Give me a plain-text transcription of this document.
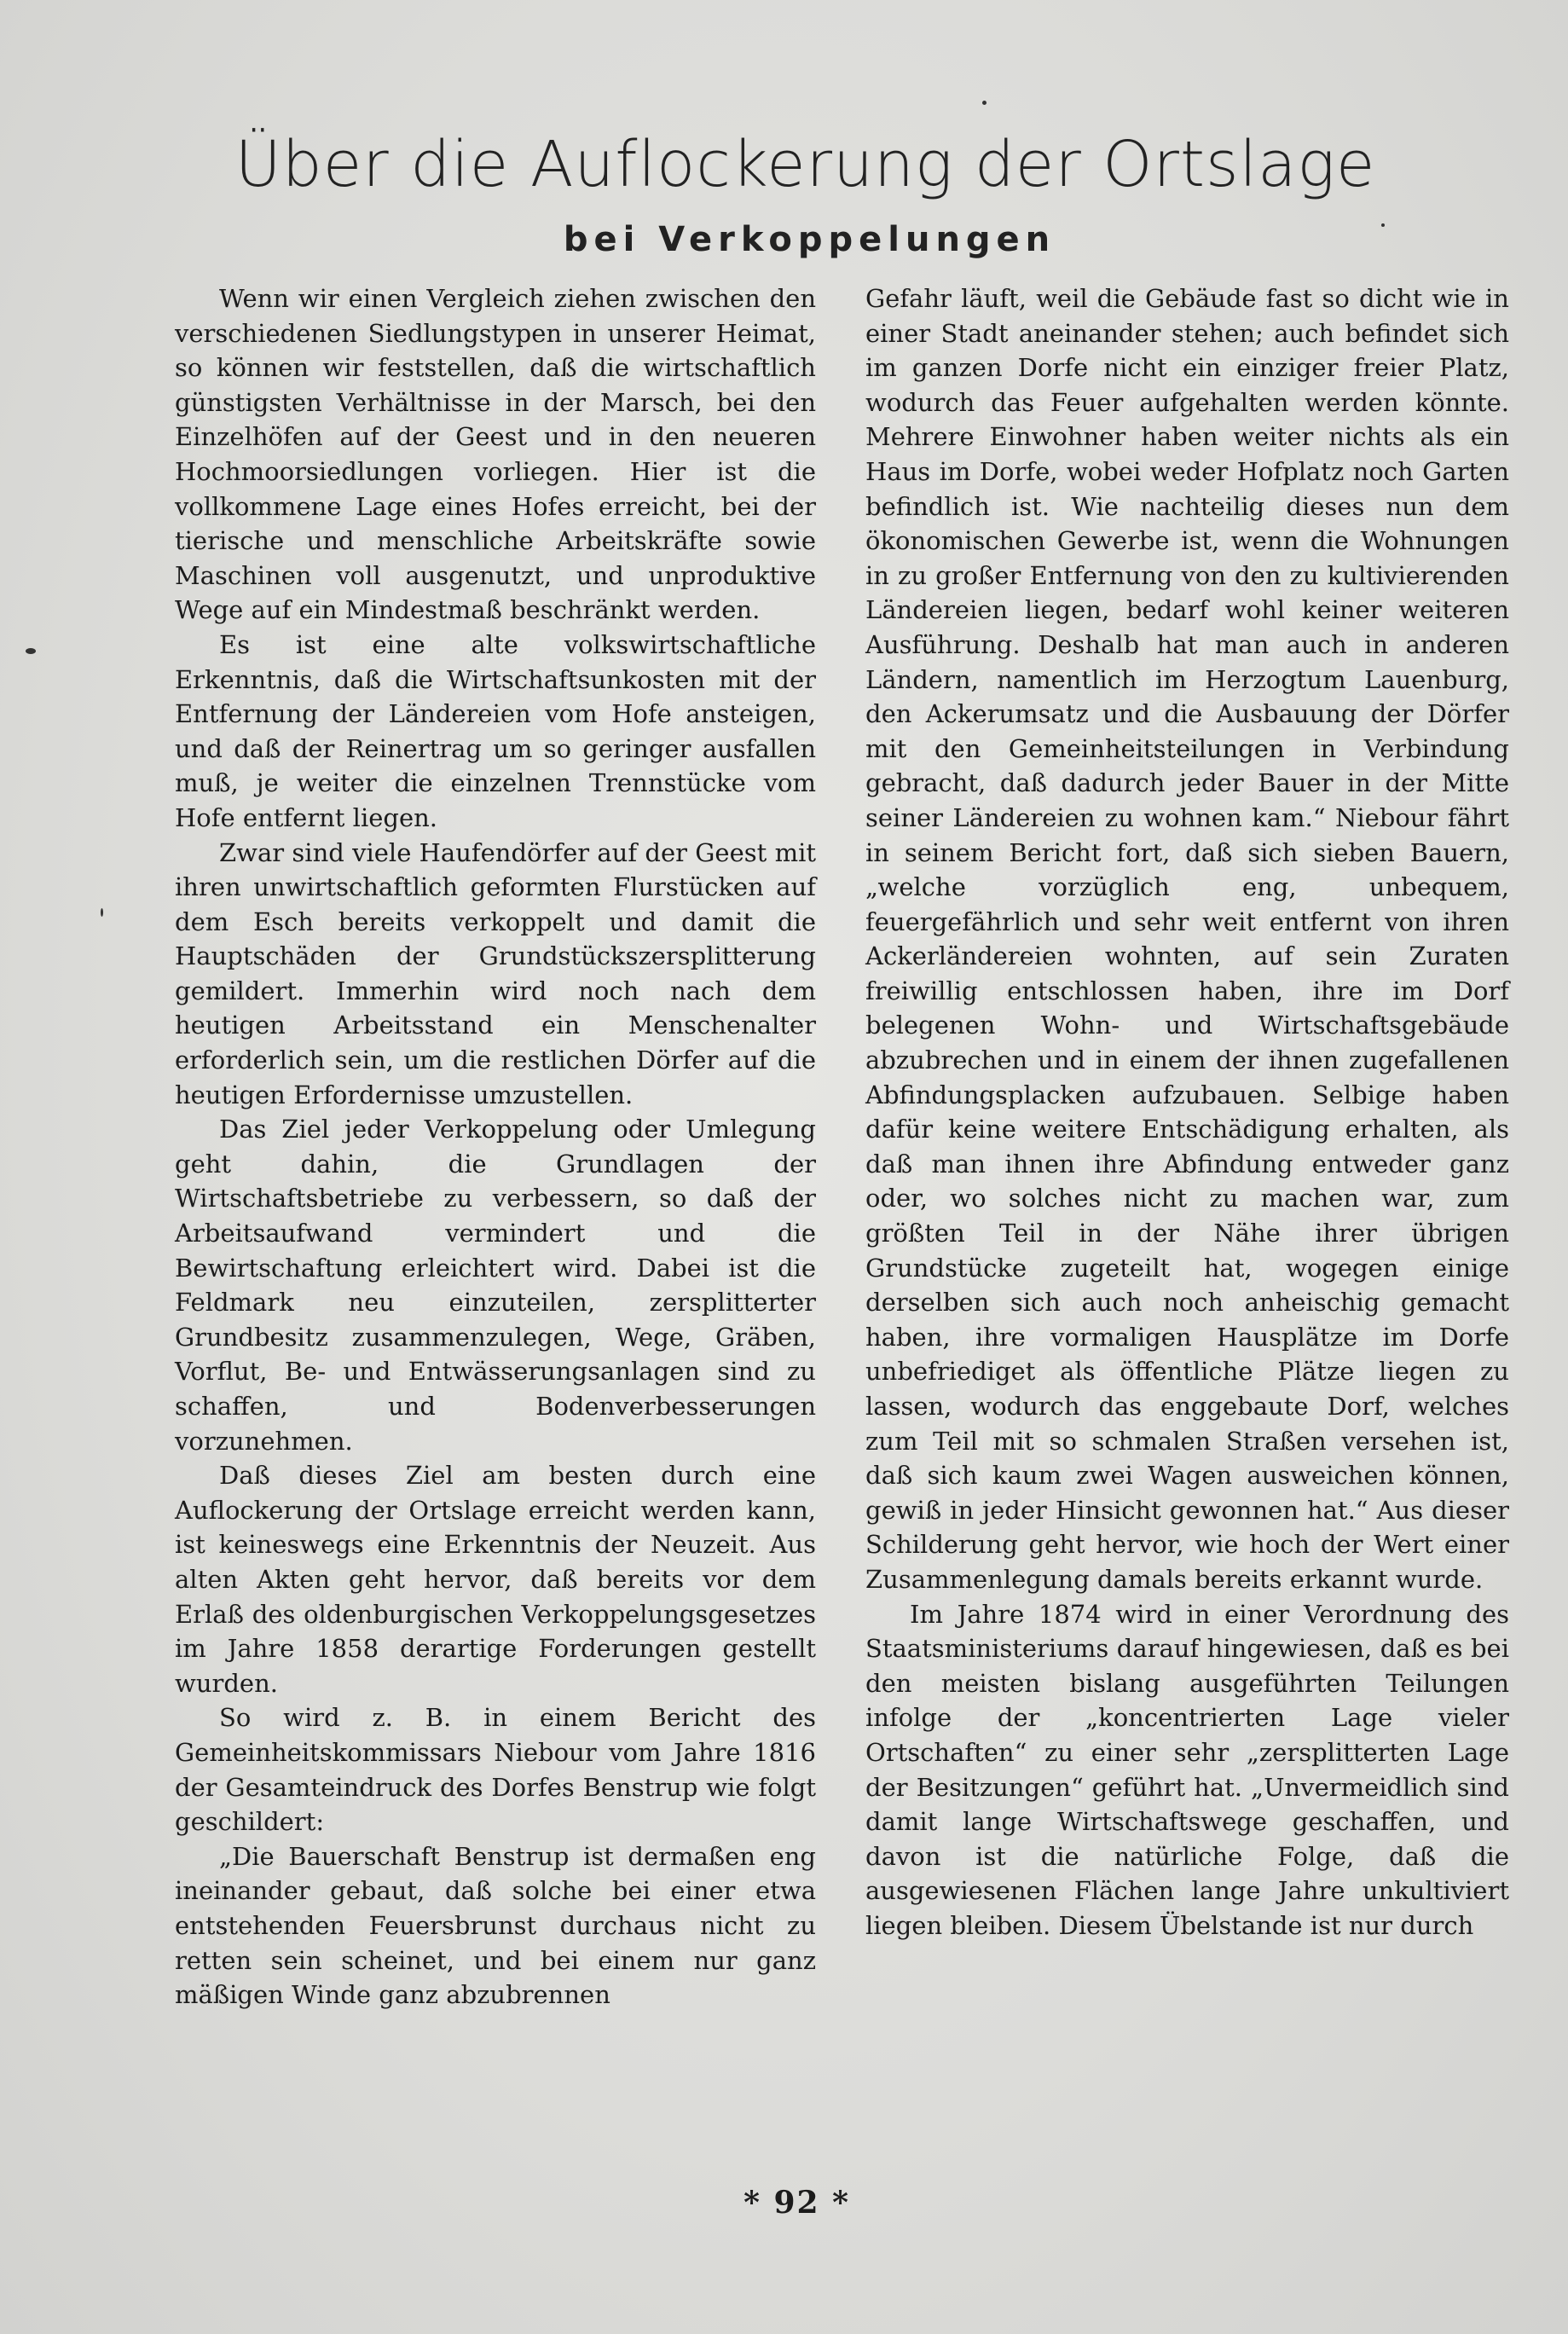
Über die Auflockerung der Ortslage
bei Verkoppelungen

Wenn wir einen Vergleich ziehen zwischen den verschiedenen Siedlungstypen in unserer Heimat, so können wir feststellen, daß die wirtschaftlich günstigsten Verhältnisse in der Marsch, bei den Einzelhöfen auf der Geest und in den neueren Hochmoorsiedlungen vorliegen. Hier ist die vollkommene Lage eines Hofes erreicht, bei der tierische und menschliche Arbeitskräfte sowie Maschinen voll ausgenutzt, und unproduktive Wege auf ein Mindestmaß beschränkt werden.

Es ist eine alte volkswirtschaftliche Erkenntnis, daß die Wirtschaftsunkosten mit der Entfernung der Ländereien vom Hofe ansteigen, und daß der Reinertrag um so geringer ausfallen muß, je weiter die einzelnen Trennstücke vom Hofe entfernt liegen.

Zwar sind viele Haufendörfer auf der Geest mit ihren unwirtschaftlich geformten Flurstücken auf dem Esch bereits verkoppelt und damit die Hauptschäden der Grundstückszersplitterung gemildert. Immerhin wird noch nach dem heutigen Arbeitsstand ein Menschenalter erforderlich sein, um die restlichen Dörfer auf die heutigen Erfordernisse umzustellen.

Das Ziel jeder Verkoppelung oder Umlegung geht dahin, die Grundlagen der Wirtschaftsbetriebe zu verbessern, so daß der Arbeitsaufwand vermindert und die Bewirtschaftung erleichtert wird. Dabei ist die Feldmark neu einzuteilen, zersplitterter Grundbesitz zusammenzulegen, Wege, Gräben, Vorflut, Be- und Entwässerungsanlagen sind zu schaffen, und Bodenverbesserungen vorzunehmen.

Daß dieses Ziel am besten durch eine Auflockerung der Ortslage erreicht werden kann, ist keineswegs eine Erkenntnis der Neuzeit. Aus alten Akten geht hervor, daß bereits vor dem Erlaß des oldenburgischen Verkoppelungsgesetzes im Jahre 1858 derartige Forderungen gestellt wurden.

So wird z. B. in einem Bericht des Gemeinheitskommissars Niebour vom Jahre 1816 der Gesamteindruck des Dorfes Benstrup wie folgt geschildert:

„Die Bauerschaft Benstrup ist dermaßen eng ineinander gebaut, daß solche bei einer etwa entstehenden Feuersbrunst durchaus nicht zu retten sein scheinet, und bei einem nur ganz mäßigen Winde ganz abzubrennen

Gefahr läuft, weil die Gebäude fast so dicht wie in einer Stadt aneinander stehen; auch befindet sich im ganzen Dorfe nicht ein einziger freier Platz, wodurch das Feuer aufgehalten werden könnte. Mehrere Einwohner haben weiter nichts als ein Haus im Dorfe, wobei weder Hofplatz noch Garten befindlich ist. Wie nachteilig dieses nun dem ökonomischen Gewerbe ist, wenn die Wohnungen in zu großer Entfernung von den zu kultivierenden Ländereien liegen, bedarf wohl keiner weiteren Ausführung. Deshalb hat man auch in anderen Ländern, namentlich im Herzogtum Lauenburg, den Ackerumsatz und die Ausbauung der Dörfer mit den Gemeinheitsteilungen in Verbindung gebracht, daß dadurch jeder Bauer in der Mitte seiner Ländereien zu wohnen kam.“ Niebour fährt in seinem Bericht fort, daß sich sieben Bauern, „welche vorzüglich eng, unbequem, feuergefährlich und sehr weit entfernt von ihren Ackerländereien wohnten, auf sein Zuraten freiwillig entschlossen haben, ihre im Dorf belegenen Wohn- und Wirtschaftsgebäude abzubrechen und in einem der ihnen zugefallenen Abfindungsplacken aufzubauen. Selbige haben dafür keine weitere Entschädigung erhalten, als daß man ihnen ihre Abfindung entweder ganz oder, wo solches nicht zu machen war, zum größten Teil in der Nähe ihrer übrigen Grundstücke zugeteilt hat, wogegen einige derselben sich auch noch anheischig gemacht haben, ihre vormaligen Hausplätze im Dorfe unbefriediget als öffentliche Plätze liegen zu lassen, wodurch das enggebaute Dorf, welches zum Teil mit so schmalen Straßen versehen ist, daß sich kaum zwei Wagen ausweichen können, gewiß in jeder Hinsicht gewonnen hat.“ Aus dieser Schilderung geht hervor, wie hoch der Wert einer Zusammenlegung damals bereits erkannt wurde.

Im Jahre 1874 wird in einer Verordnung des Staatsministeriums darauf hingewiesen, daß es bei den meisten bislang ausgeführten Teilungen infolge der „koncentrierten Lage vieler Ortschaften“ zu einer sehr „zersplitterten Lage der Besitzungen“ geführt hat. „Unvermeidlich sind damit lange Wirtschaftswege geschaffen, und davon ist die natürliche Folge, daß die ausgewiesenen Flächen lange Jahre unkultiviert liegen bleiben. Diesem Übelstande ist nur durch

* 92 *
